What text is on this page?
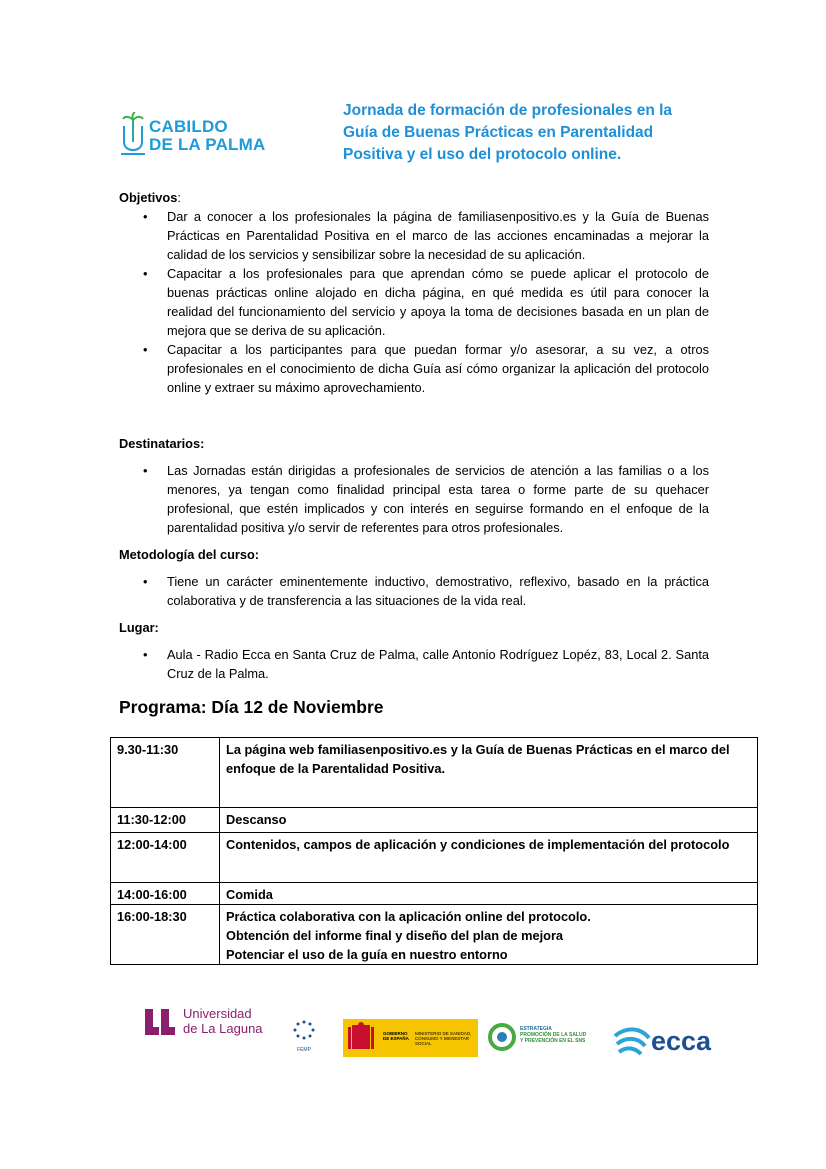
CABILDO
DE LA PALMA
Jornada de formación de profesionales en la
Guía de Buenas Prácticas en Parentalidad
Positiva y el uso del protocolo online.
Objetivos:
• Dar a conocer a los profesionales la página de familiasenpositivo.es y la Guía de Buenas Prácticas en Parentalidad Positiva en el marco de las acciones encaminadas a mejorar la calidad de los servicios y sensibilizar sobre la necesidad de su aplicación.
• Capacitar a los profesionales para que aprendan cómo se puede aplicar el protocolo de buenas prácticas online alojado en dicha página, en qué medida es útil para conocer la realidad del funcionamiento del servicio y apoya la toma de decisiones basada en un plan de mejora que se deriva de su aplicación.
• Capacitar a los participantes para que puedan formar y/o asesorar, a su vez, a otros profesionales en el conocimiento de dicha Guía así cómo organizar la aplicación del protocolo online y extraer su máximo aprovechamiento.
Destinatarios:
• Las Jornadas están dirigidas a profesionales de servicios de atención a las familias o a los menores, ya tengan como finalidad principal esta tarea o forme parte de su quehacer profesional, que estén implicados y con interés en seguirse formando en el enfoque de la parentalidad positiva y/o servir de referentes para otros profesionales.
Metodología del curso:
• Tiene un carácter eminentemente inductivo, demostrativo, reflexivo, basado en la práctica colaborativa y de transferencia a las situaciones de la vida real.
Lugar:
• Aula - Radio Ecca en Santa Cruz de Palma, calle Antonio Rodríguez Lopéz, 83, Local 2. Santa Cruz de la Palma.
Programa: Día 12 de Noviembre
9.30-11:30	La página web familiasenpositivo.es y la Guía de Buenas Prácticas en el marco del enfoque de la Parentalidad Positiva.

11:30-12:00	Descanso

12:00-14:00	Contenidos, campos de aplicación y condiciones de implementación del protocolo

14:00-16:00	Comida

16:00-18:30	Práctica colaborativa con la aplicación online del protocolo.
Obtención del informe final y diseño del plan de mejora
Potenciar el uso de la guía en nuestro entorno
Universidad
de La Laguna
FEMP
GOBIERNO DE ESPAÑA
MINISTERIO DE SANIDAD, CONSUMO Y BIENESTAR SOCIAL
ESTRATEGIA
PROMOCIÓN DE LA SALUD
Y PREVENCIÓN EN EL SNS ecca
